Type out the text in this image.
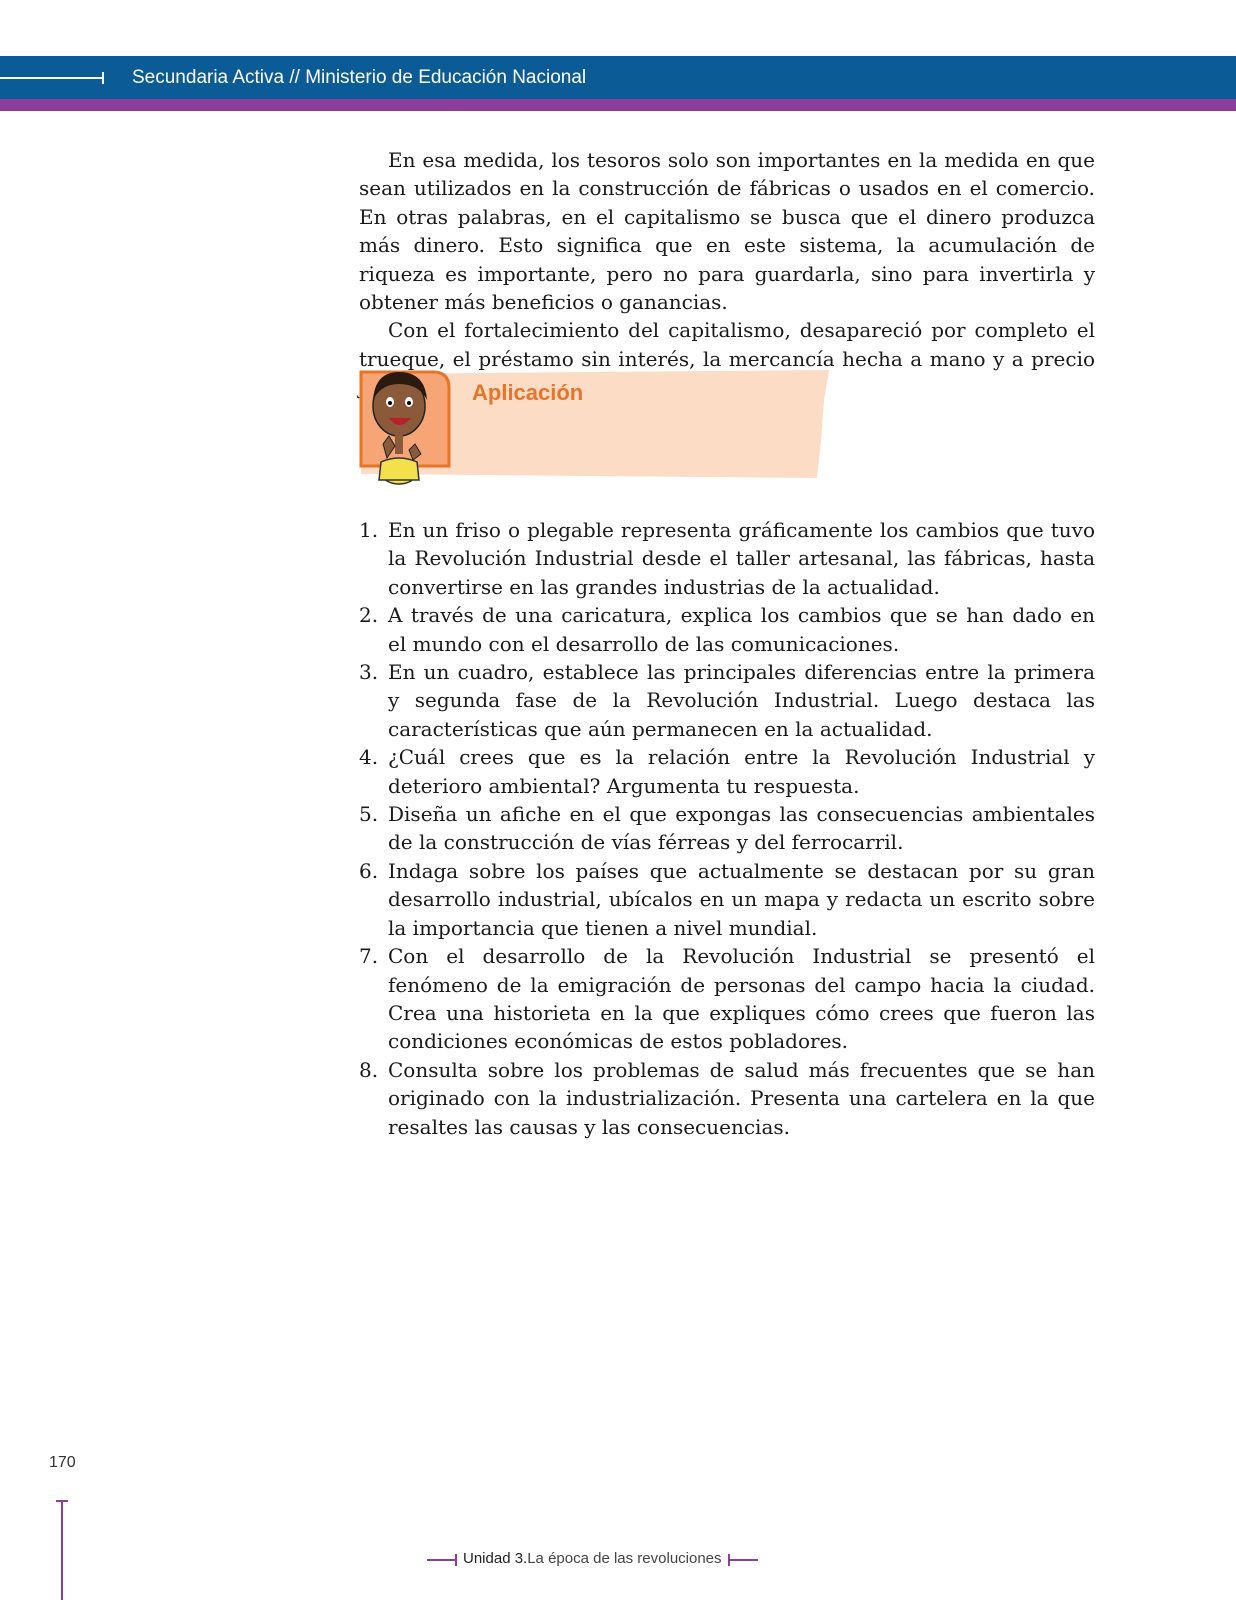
Secundaria Activa // Ministerio de Educación Nacional

En esa medida, los tesoros solo son importantes en la medida en que sean utilizados en la construcción de fábricas o usados en el comercio. En otras palabras, en el capitalismo se busca que el dinero produzca más dinero. Esto significa que en este sistema, la acumulación de riqueza es importante, pero no para guardarla, sino para invertirla y obtener más beneficios o ganancias.

Con el fortalecimiento del capitalismo, desapareció por completo el trueque, el préstamo sin interés, la mercancía hecha a mano y a precio

Aplicación
1. En un friso o plegable representa gráficamente los cambios que tuvo la Revolución Industrial desde el taller artesanal, las fábricas, hasta convertirse en las grandes industrias de la actualidad.
2. A través de una caricatura, explica los cambios que se han dado en el mundo con el desarrollo de las comunicaciones.
3. En un cuadro, establece las principales diferencias entre la primera y segunda fase de la Revolución Industrial. Luego destaca las características que aún permanecen en la actualidad.
4. ¿Cuál crees que es la relación entre la Revolución Industrial y deterioro ambiental? Argumenta tu respuesta.
5. Diseña un afiche en el que expongas las consecuencias ambientales de la construcción de vías férreas y del ferrocarril.
6. Indaga sobre los países que actualmente se destacan por su gran desarrollo industrial, ubícalos en un mapa y redacta un escrito sobre la importancia que tienen a nivel mundial.
7. Con el desarrollo de la Revolución Industrial se presentó el fenómeno de la emigración de personas del campo hacia la ciudad. Crea una historieta en la que expliques cómo crees que fueron las condiciones económicas de estos pobladores.
8. Consulta sobre los problemas de salud más frecuentes que se han originado con la industrialización. Presenta una cartelera en la que resaltes las causas y las consecuencias.
170
Unidad 3.La época de las revoluciones
